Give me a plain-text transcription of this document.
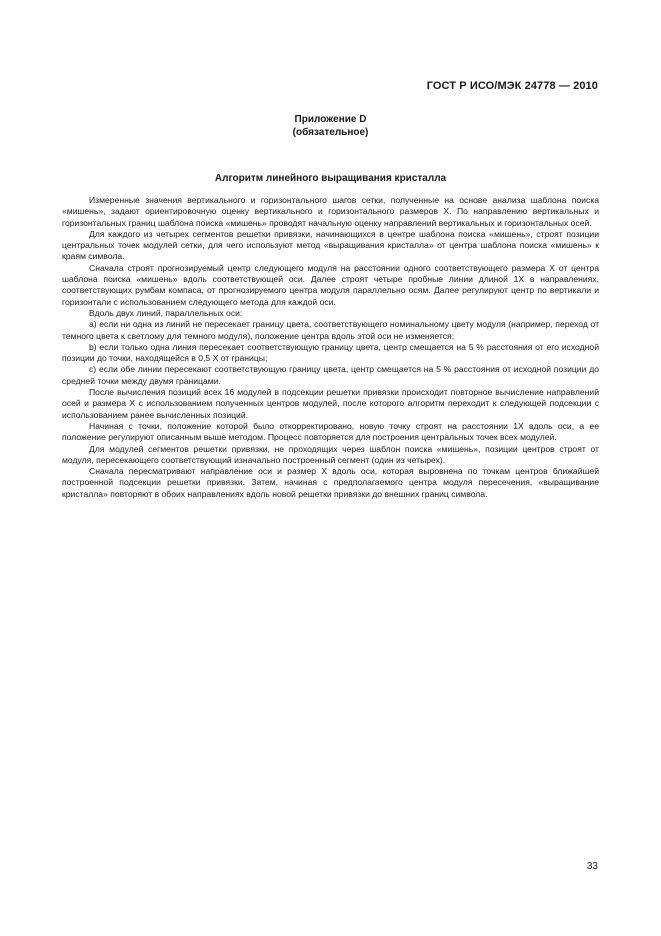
ГОСТ Р ИСО/МЭК 24778 — 2010
Приложение D
(обязательное)
Алгоритм линейного выращивания кристалла

Измеренные значения вертикального и горизонтального шагов сетки, полученные на основе анализа шаблона поиска «мишень», задают ориентировочную оценку вертикального и горизонтального размеров X. По направлению вертикальных и горизонтальных границ шаблона поиска «мишень» проводят начальную оценку направлений вертикальных и горизонтальных осей.

Для каждого из четырех сегментов решетки привязки, начинающихся в центре шаблона поиска «мишень», строят позиции центральных точек модулей сетки, для чего используют метод «выращивания кристалла» от центра шаблона поиска «мишень» к краям символа.

Сначала строят прогнозируемый центр следующего модуля на расстоянии одного соответствующего размера X от центра шаблона поиска «мишень» вдоль соответствующей оси. Далее строят четыре пробные линии длиной 1X в направлениях, соответствующих румбам компаса, от прогнозируемого центра модуля параллельно осям. Далее регулируют центр по вертикали и горизонтали с использованием следующего метода для каждой оси.

Вдоль двух линий, параллельных оси:

a) если ни одна из линий не пересекает границу цвета, соответствующего номинальному цвету модуля (например, переход от темного цвета к светлому для темного модуля), положение центра вдоль этой оси не изменяется;

b) если только одна линия пересекает соответствующую границу цвета, центр смещается на 5 % расстояния от его исходной позиции до точки, находящейся в 0,5 X от границы;

c) если обе линии пересекают соответствующую границу цвета, центр смещается на 5 % расстояния от исходной позиции до средней точки между двумя границами.

После вычисления позиций всех 16 модулей в подсекции решетки привязки происходит повторное вычисление направлений осей и размера X с использованием полученных центров модулей, после которого алгоритм переходит к следующей подсекции с использованием ранее вычисленных позиций.

Начиная с точки, положение которой было откорректировано, новую точку строят на расстоянии 1X вдоль оси, а ее положение регулируют описанным выше методом. Процесс повторяется для построения центральных точек всех модулей.

Для модулей сегментов решетки привязки, не проходящих через шаблон поиска «мишень», позиции центров строят от модуля, пересекающего соответствующий изначально построенный сегмент (один из четырех).

Сначала пересматривают направление оси и размер X вдоль оси, которая выровнена по точкам центров ближайшей построенной подсекции решетки привязки. Затем, начиная с предполагаемого центра модуля пересечения, «выращивание кристалла» повторяют в обоих направлениях вдоль новой решетки привязки до внешних границ символа.

33
